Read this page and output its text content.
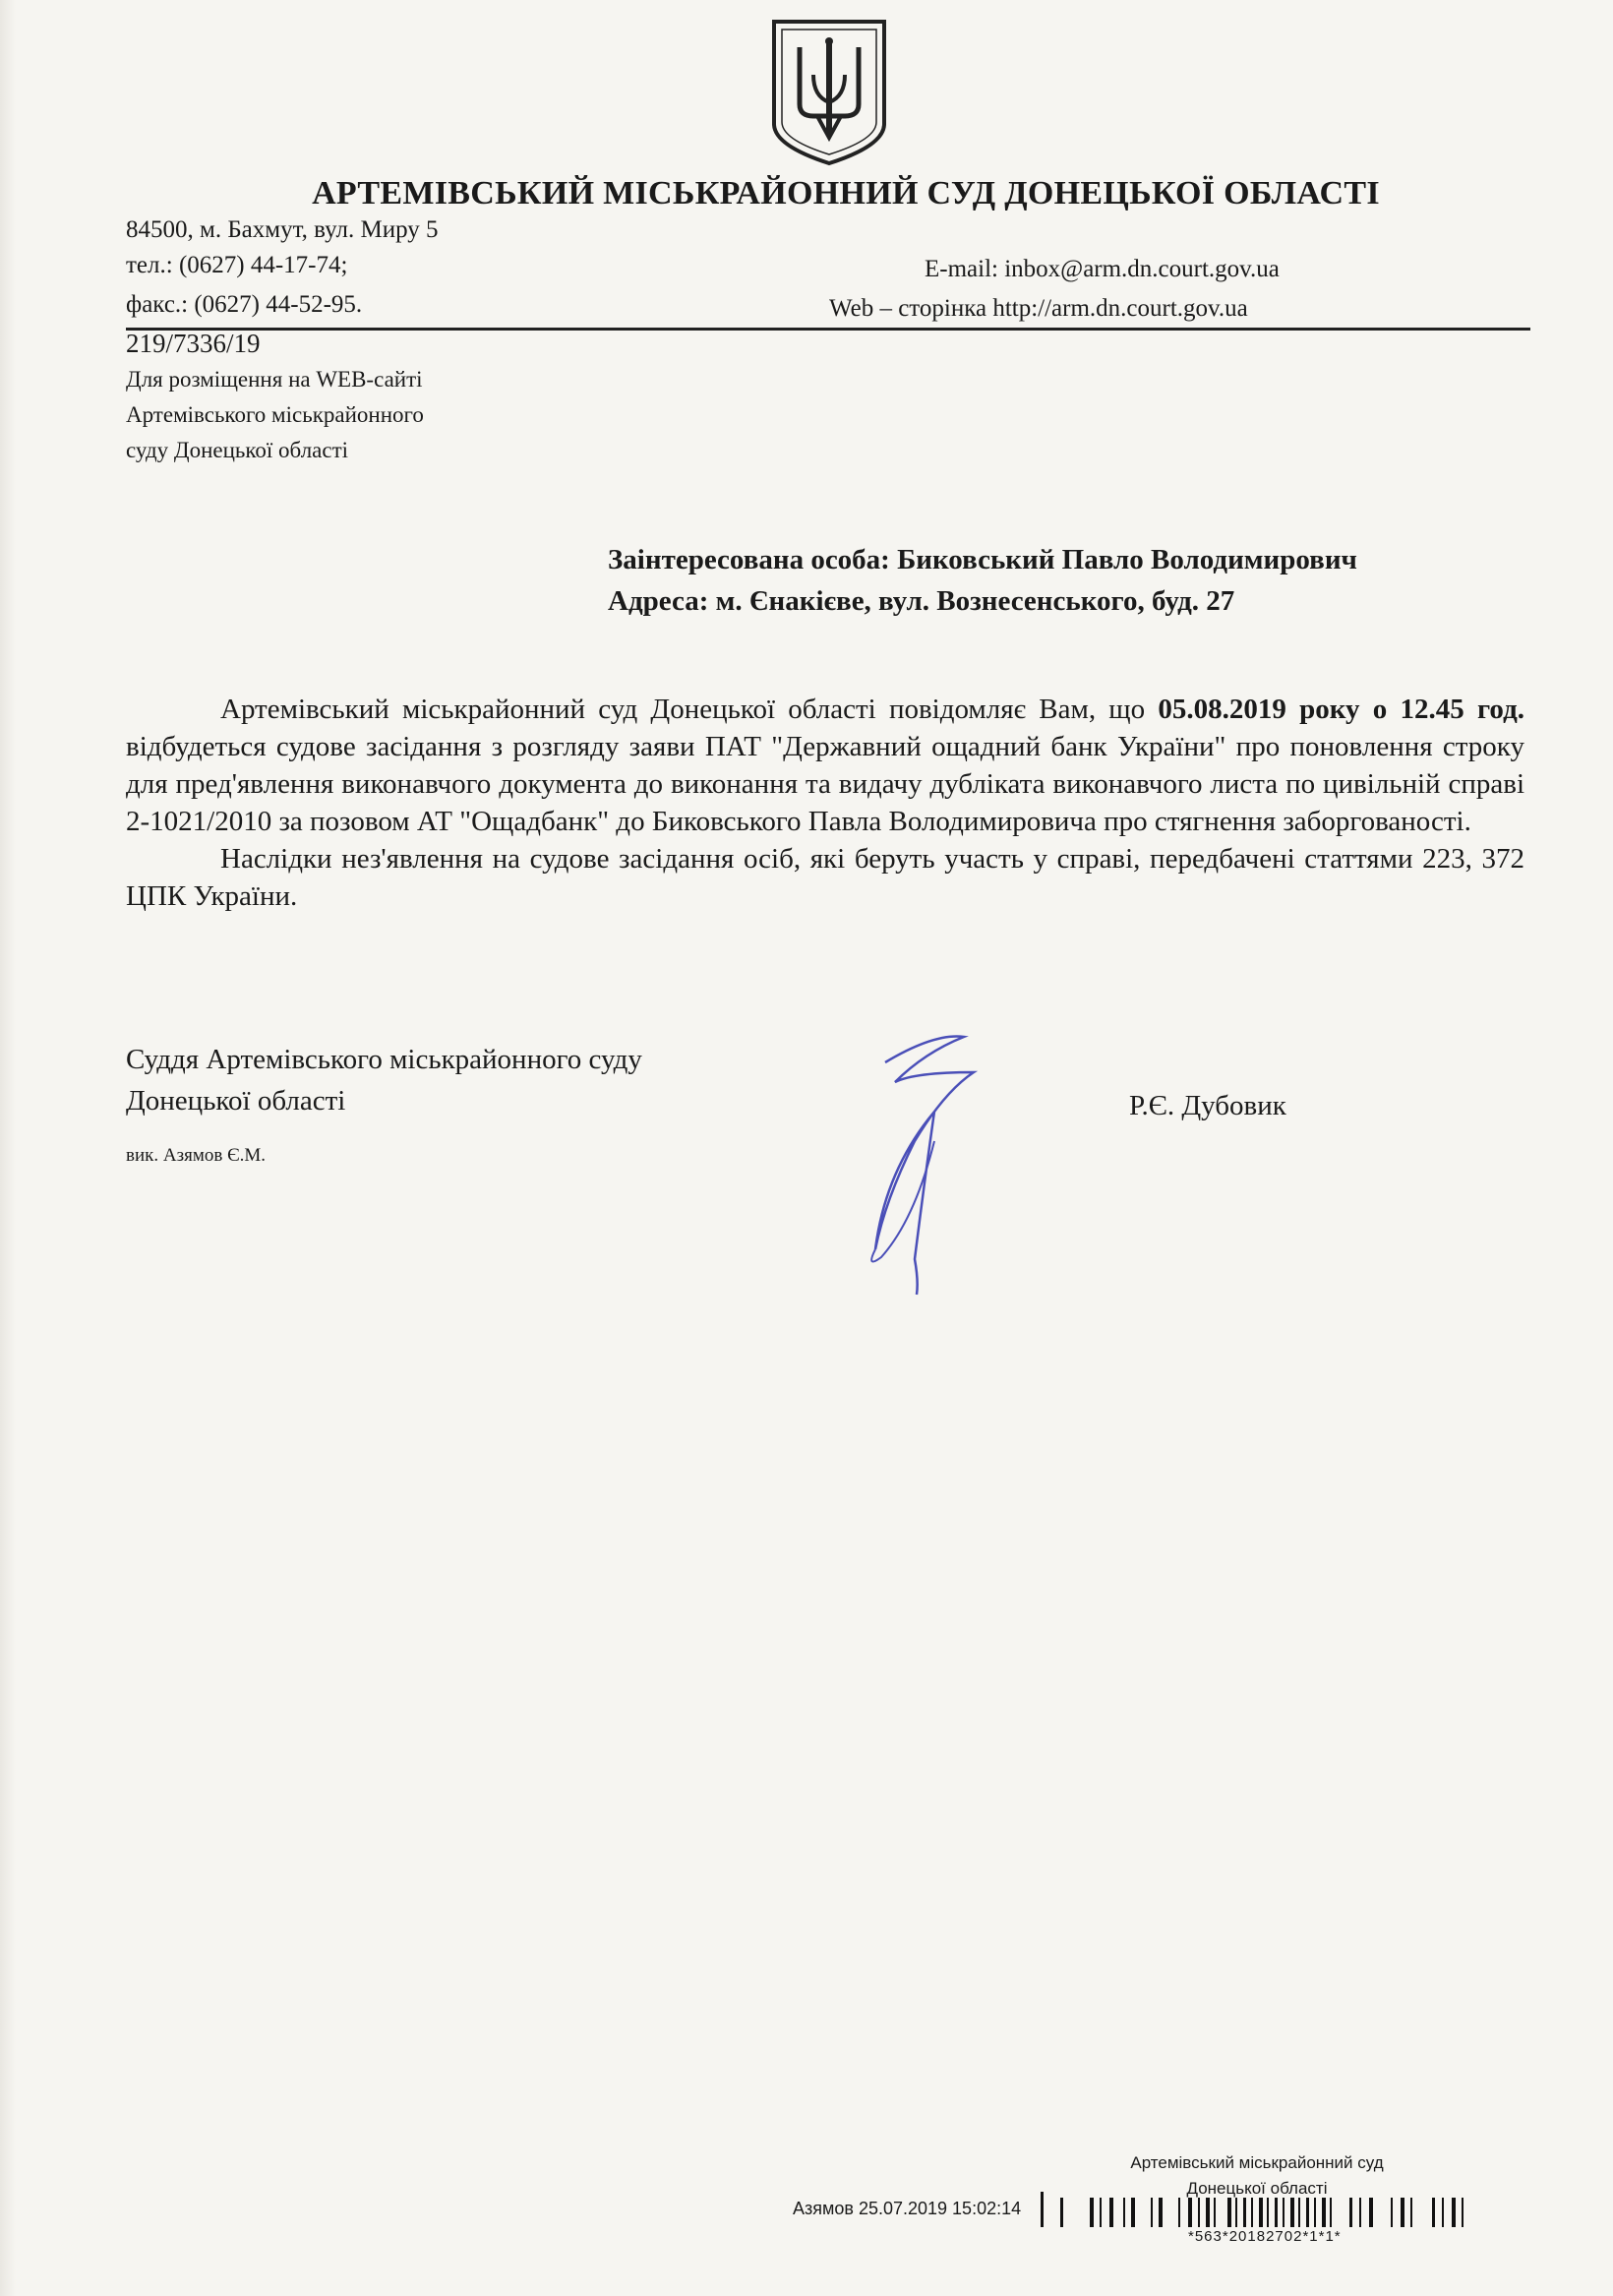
АРТЕМІВСЬКИЙ МІСЬКРАЙОННИЙ СУД ДОНЕЦЬКОЇ ОБЛАСТІ
84500, м. Бахмут, вул. Миру 5
тел.: (0627) 44-17-74;
факс.: (0627) 44-52-95.
E-mail: inbox@arm.dn.court.gov.ua
Web – сторінка http://arm.dn.court.gov.ua
219/7336/19
Для розміщення на WEB-сайті
Артемівського міськрайонного
суду Донецької області
Заінтересована особа: Биковський Павло Володимирович
Адреса: м. Єнакієве, вул. Вознесенського, буд. 27

Артемівський міськрайонний суд Донецької області повідомляє Вам, що 05.08.2019 року о 12.45 год. відбудеться судове засідання з розгляду заяви ПАТ "Державний ощадний банк України" про поновлення строку для пред'явлення виконавчого документа до виконання та видачу дубліката виконавчого листа по цивільній справі 2-1021/2010 за позовом АТ "Ощадбанк" до Биковського Павла Володимировича про стягнення заборгованості.

Наслідки нез'явлення на судове засідання осіб, які беруть участь у справі, передбачені статтями 223, 372 ЦПК України.

Суддя Артемівського міськрайонного суду
Донецької області	Р.Є. Дубовик
вик. Азямов Є.М.
Артемівський міськрайонний суд
Донецької області
Азямов 25.07.2019 15:02:14
*563*20182702*1*1*
